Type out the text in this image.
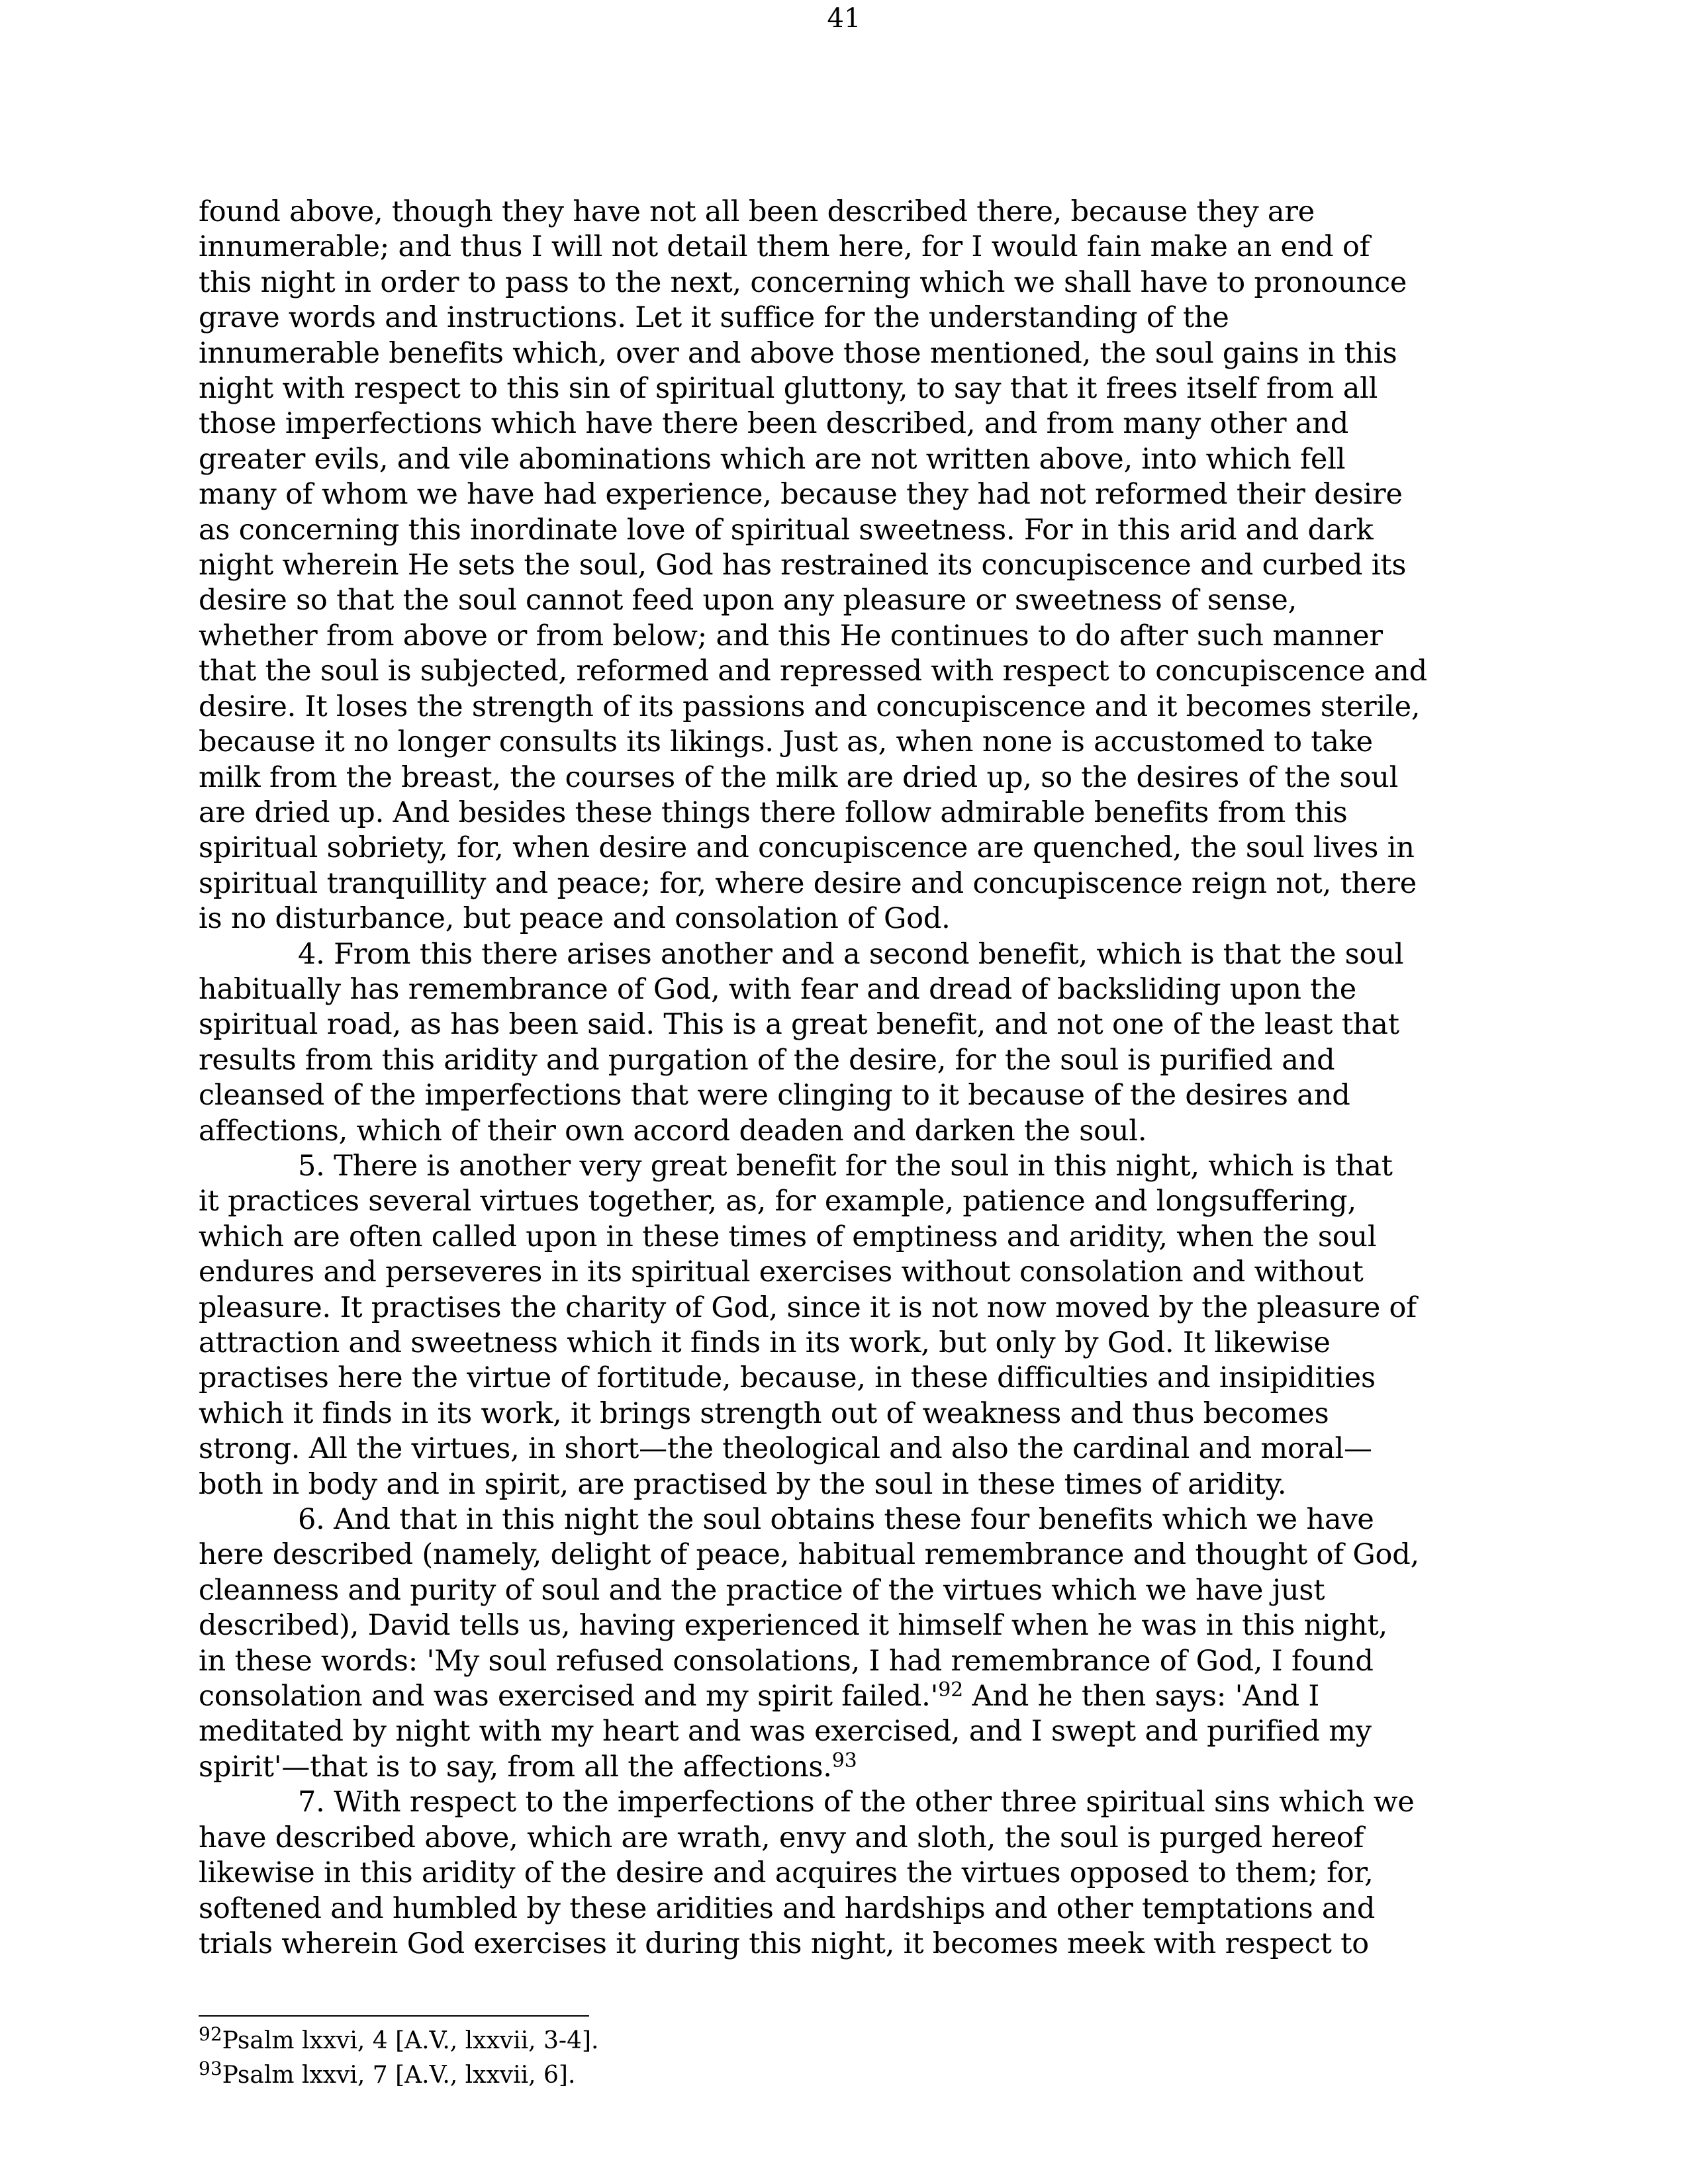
41

found above, though they have not all been described there, because they are
innumerable; and thus I will not detail them here, for I would fain make an end of
this night in order to pass to the next, concerning which we shall have to pronounce
grave words and instructions. Let it suffice for the understanding of the
innumerable benefits which, over and above those mentioned, the soul gains in this
night with respect to this sin of spiritual gluttony, to say that it frees itself from all
those imperfections which have there been described, and from many other and
greater evils, and vile abominations which are not written above, into which fell
many of whom we have had experience, because they had not reformed their desire
as concerning this inordinate love of spiritual sweetness. For in this arid and dark
night wherein He sets the soul, God has restrained its concupiscence and curbed its
desire so that the soul cannot feed upon any pleasure or sweetness of sense,
whether from above or from below; and this He continues to do after such manner
that the soul is subjected, reformed and repressed with respect to concupiscence and
desire. It loses the strength of its passions and concupiscence and it becomes sterile,
because it no longer consults its likings. Just as, when none is accustomed to take
milk from the breast, the courses of the milk are dried up, so the desires of the soul
are dried up. And besides these things there follow admirable benefits from this
spiritual sobriety, for, when desire and concupiscence are quenched, the soul lives in
spiritual tranquillity and peace; for, where desire and concupiscence reign not, there
is no disturbance, but peace and consolation of God.

4. From this there arises another and a second benefit, which is that the soul
habitually has remembrance of God, with fear and dread of backsliding upon the
spiritual road, as has been said. This is a great benefit, and not one of the least that
results from this aridity and purgation of the desire, for the soul is purified and
cleansed of the imperfections that were clinging to it because of the desires and
affections, which of their own accord deaden and darken the soul.

5. There is another very great benefit for the soul in this night, which is that
it practices several virtues together, as, for example, patience and longsuffering,
which are often called upon in these times of emptiness and aridity, when the soul
endures and perseveres in its spiritual exercises without consolation and without
pleasure. It practises the charity of God, since it is not now moved by the pleasure of
attraction and sweetness which it finds in its work, but only by God. It likewise
practises here the virtue of fortitude, because, in these difficulties and insipidities
which it finds in its work, it brings strength out of weakness and thus becomes
strong. All the virtues, in short—the theological and also the cardinal and moral—
both in body and in spirit, are practised by the soul in these times of aridity.

6. And that in this night the soul obtains these four benefits which we have
here described (namely, delight of peace, habitual remembrance and thought of God,
cleanness and purity of soul and the practice of the virtues which we have just
described), David tells us, having experienced it himself when he was in this night,
in these words: 'My soul refused consolations, I had remembrance of God, I found
consolation and was exercised and my spirit $failed.'^{92}$ And he then says: 'And I
meditated by night with my heart and was exercised, and I swept and purified my
spirit'—that is to say, from all the affections.$^{93}$

7. With respect to the imperfections of the other three spiritual sins which we
have described above, which are wrath, envy and sloth, the soul is purged hereof
likewise in this aridity of the desire and acquires the virtues opposed to them; for,
softened and humbled by these aridities and hardships and other temptations and
trials wherein God exercises it during this night, it becomes meek with respect to

$^{92}$Psalm lxxvi, 4 [A.V., lxxvii, 3-4].
$^{93}$Psalm lxxvi, 7 [A.V., lxxvii, 6].
